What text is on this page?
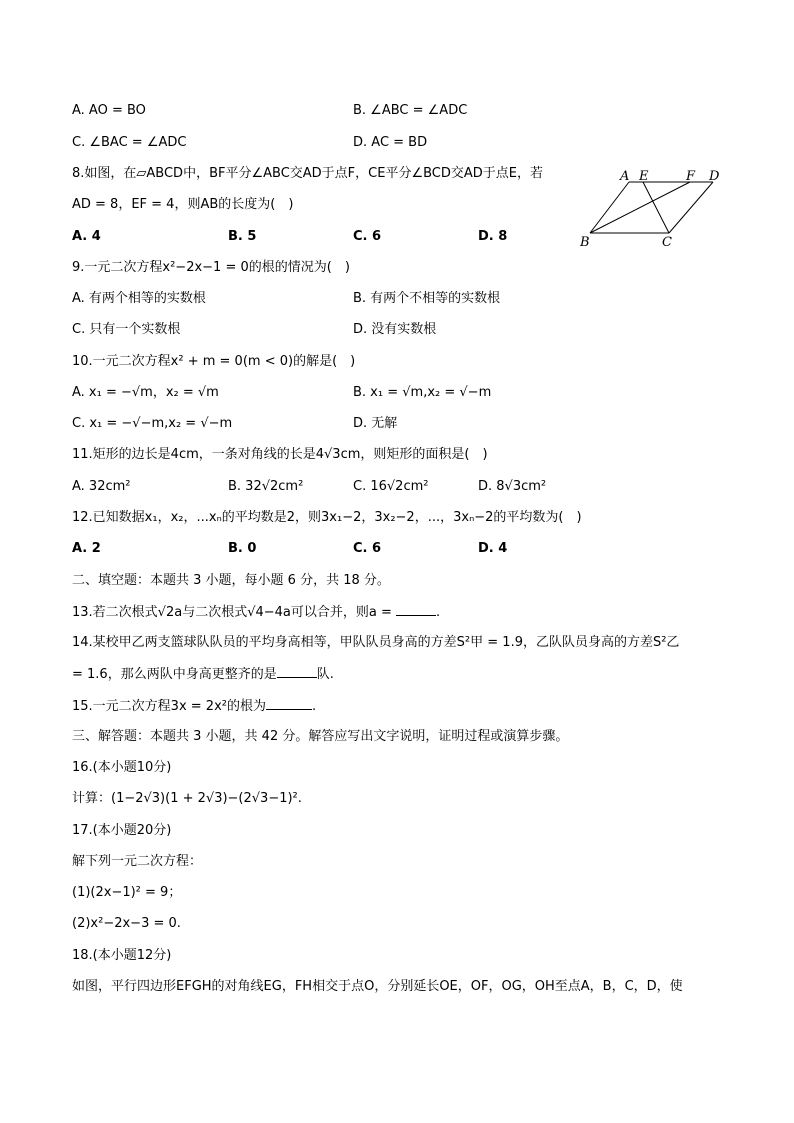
A. AO = BO	B. ∠ABC = ∠ADC
C. ∠BAC = ∠ADC	D. AC = BD
8.如图，在▱ABCD中，BF平分∠ABC交AD于点F，CE平分∠BCD交AD于点E，若
AD = 8，EF = 4，则AB的长度为(　)
A. 4	B. 5	C. 6	D. 8
A E	F D
B	C
9.一元二次方程x²−2x−1 = 0的根的情况为(　)
A. 有两个相等的实数根	B. 有两个不相等的实数根
C. 只有一个实数根	D. 没有实数根
10.一元二次方程x² + m = 0(m < 0)的解是(　)
A. x₁ = −√m，x₂ = √m	B. x₁ = √m,x₂ = √−m
C. x₁ = −√−m,x₂ = √−m	D. 无解
11.矩形的边长是4cm，一条对角线的长是4√3cm，则矩形的面积是(　)
A. 32cm²	B. 32√2cm²	C. 16√2cm²	D. 8√3cm²
12.已知数据x₁，x₂，...xₙ的平均数是2，则3x₁−2，3x₂−2，...，3xₙ−2的平均数为(　)
A. 2	B. 0	C. 6	D. 4
二、填空题：本题共 3 小题，每小题 6 分，共 18 分。
13.若二次根式√2a与二次根式√4−4a可以合并，则a =	.
14.某校甲乙两支篮球队队员的平均身高相等，甲队队员身高的方差S²甲 = 1.9，乙队队员身高的方差S²乙
= 1.6，那么两队中身高更整齐的是	队.
15.一元二次方程3x = 2x²的根为	.
三、解答题：本题共 3 小题，共 42 分。解答应写出文字说明，证明过程或演算步骤。
16.(本小题10分)
计算：(1−2√3)(1 + 2√3)−(2√3−1)².
17.(本小题20分)
解下列一元二次方程：
(1)(2x−1)² = 9；
(2)x²−2x−3 = 0.
18.(本小题12分)
如图，平行四边形EFGH的对角线EG，FH相交于点O，分别延长OE，OF，OG，OH至点A，B，C，D，使
